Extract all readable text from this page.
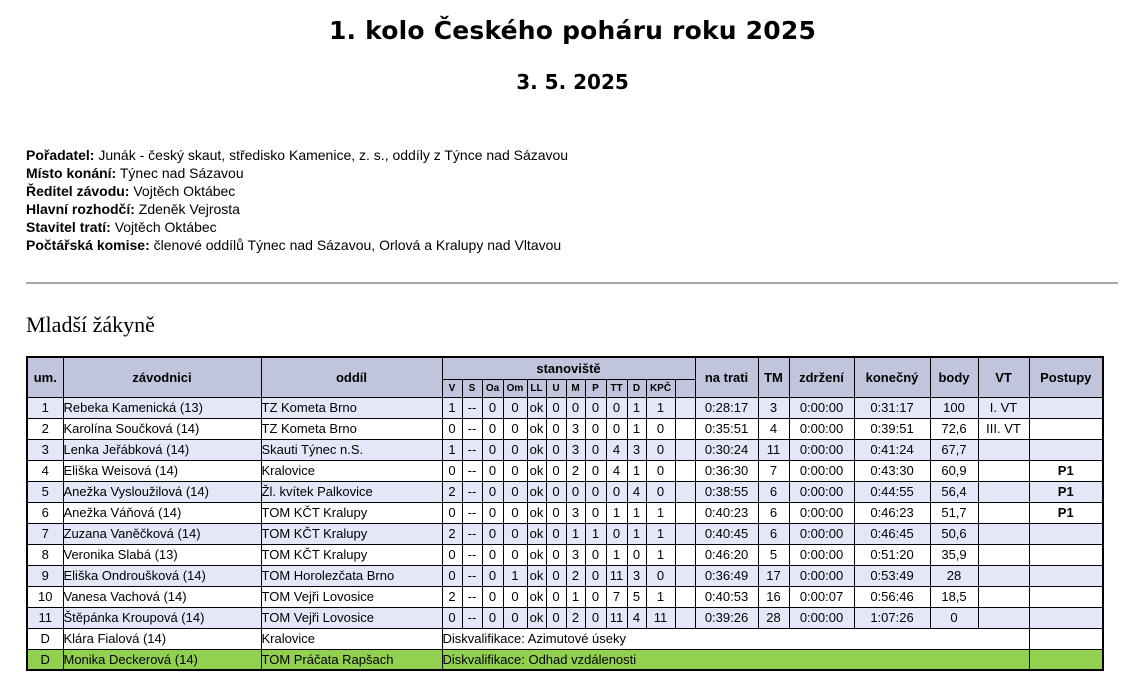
1. kolo Českého poháru roku 2025
3. 5. 2025
Pořadatel: Junák - český skaut, středisko Kamenice, z. s., oddíly z Týnce nad Sázavou
Místo konání: Týnec nad Sázavou
Ředitel závodu: Vojtěch Oktábec
Hlavní rozhodčí: Zdeněk Vejrosta
Stavitel tratí: Vojtěch Oktábec
Počtářská komise: členové oddílů Týnec nad Sázavou, Orlová a Kralupy nad Vltavou
Mladší žákyně
um.	závodnici	oddíl	stanoviště												na trati	TM	zdržení	konečný	body	VT	Postupy
			V	S	Oa	Om	LL	U	M	P	TT	D	KPČ								
1	Rebeka Kamenická (13)	TZ Kometa Brno	1	--	0	0	ok	0	0	0	0	1	1		0:28:17	3	0:00:00	0:31:17	100	I. VT	
2	Karolína Součková (14)	TZ Kometa Brno	0	--	0	0	ok	0	3	0	0	1	0		0:35:51	4	0:00:00	0:39:51	72,6	III. VT	
3	Lenka Jeřábková (14)	Skauti Týnec n.S.	1	--	0	0	ok	0	3	0	4	3	0		0:30:24	11	0:00:00	0:41:24	67,7		
4	Eliška Weisová (14)	Kralovice	0	--	0	0	ok	0	2	0	4	1	0		0:36:30	7	0:00:00	0:43:30	60,9		P1
5	Anežka Vysloužilová (14)	Žl. kvítek Palkovice	2	--	0	0	ok	0	0	0	0	4	0		0:38:55	6	0:00:00	0:44:55	56,4		P1
6	Anežka Váňová (14)	TOM KČT Kralupy	0	--	0	0	ok	0	3	0	1	1	1		0:40:23	6	0:00:00	0:46:23	51,7		P1
7	Zuzana Vaněčková (14)	TOM KČT Kralupy	2	--	0	0	ok	0	1	1	0	1	1		0:40:45	6	0:00:00	0:46:45	50,6		
8	Veronika Slabá (13)	TOM KČT Kralupy	0	--	0	0	ok	0	3	0	1	0	1		0:46:20	5	0:00:00	0:51:20	35,9		
9	Eliška Ondroušková (14)	TOM Horolezčata Brno	0	--	0	1	ok	0	2	0	11	3	0		0:36:49	17	0:00:00	0:53:49	28		
10	Vanesa Vachová (14)	TOM Vejři Lovosice	2	--	0	0	ok	0	1	0	7	5	1		0:40:53	16	0:00:07	0:56:46	18,5		
11	Štěpánka Kroupová (14)	TOM Vejři Lovosice	0	--	0	0	ok	0	2	0	11	4	11		0:39:26	28	0:00:00	1:07:26	0		
D	Klára Fialová (14)	Kralovice	Diskvalifikace: Azimutové úseky																		
D	Monika Deckerová (14)	TOM Práčata Rapšach	Diskvalifikace: Odhad vzdálenosti																		
